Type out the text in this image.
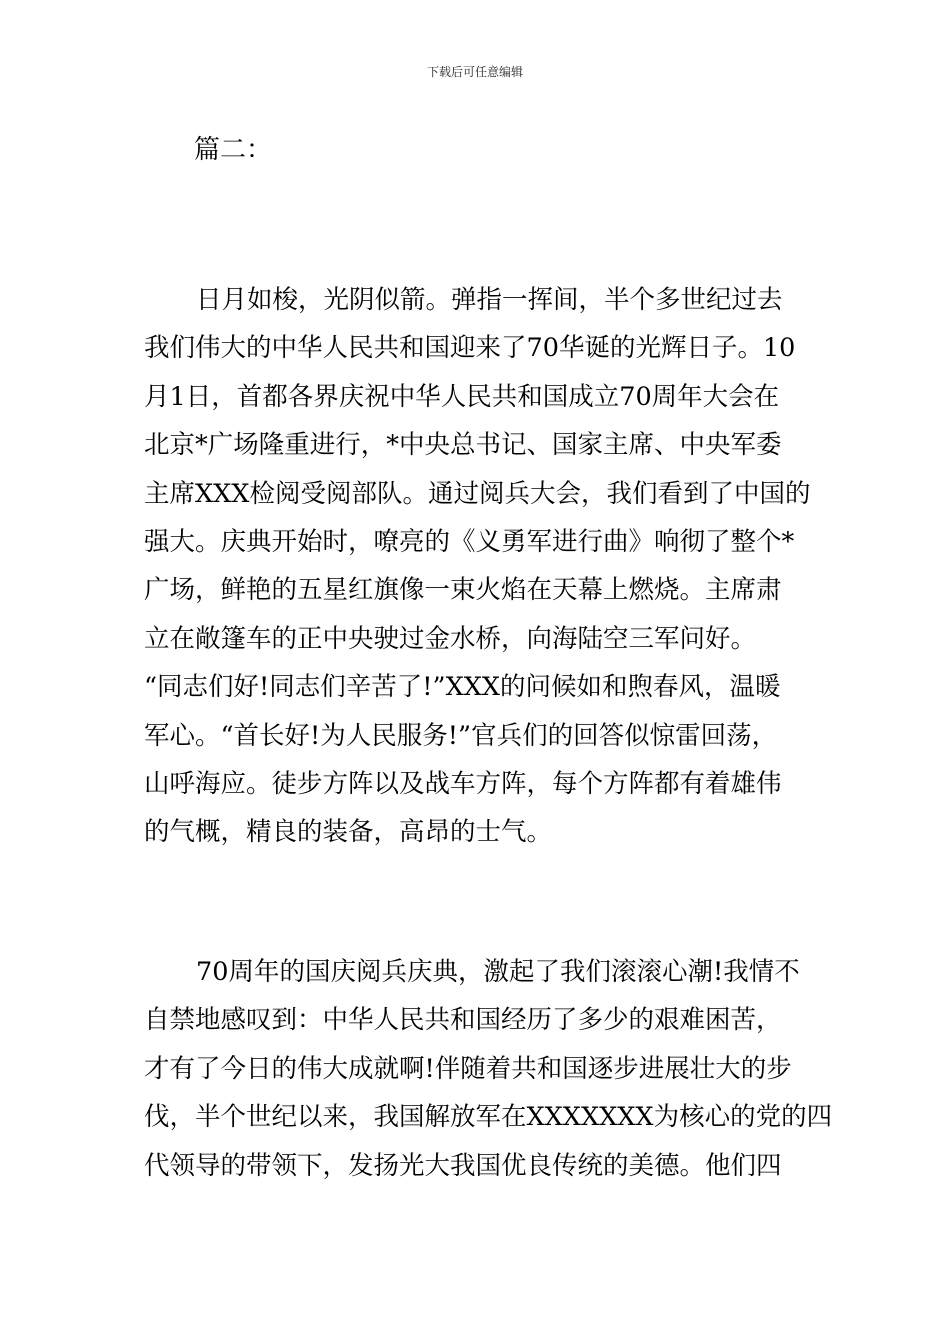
下载后可任意编辑
篇二：
日月如梭，光阴似箭。弹指一挥间，半个多世纪过去
我们伟大的中华人民共和国迎来了70华诞的光辉日子。10
月1日，首都各界庆祝中华人民共和国成立70周年大会在
北京*广场隆重进行，*中央总书记、国家主席、中央军委
主席XXX检阅受阅部队。通过阅兵大会，我们看到了中国的
强大。庆典开始时，嘹亮的《义勇军进行曲》响彻了整个*
广场，鲜艳的五星红旗像一束火焰在天幕上燃烧。主席肃
立在敞篷车的正中央驶过金水桥，向海陆空三军问好。
“同志们好!同志们辛苦了!”XXX的问候如和煦春风，温暖
军心。“首长好!为人民服务!”官兵们的回答似惊雷回荡，
山呼海应。徒步方阵以及战车方阵，每个方阵都有着雄伟
的气概，精良的装备，高昂的士气。
70周年的国庆阅兵庆典，激起了我们滚滚心潮!我情不
自禁地感叹到：中华人民共和国经历了多少的艰难困苦，
才有了今日的伟大成就啊!伴随着共和国逐步进展壮大的步
伐，半个世纪以来，我国解放军在XXXXXXX为核心的党的四
代领导的带领下，发扬光大我国优良传统的美德。他们四
